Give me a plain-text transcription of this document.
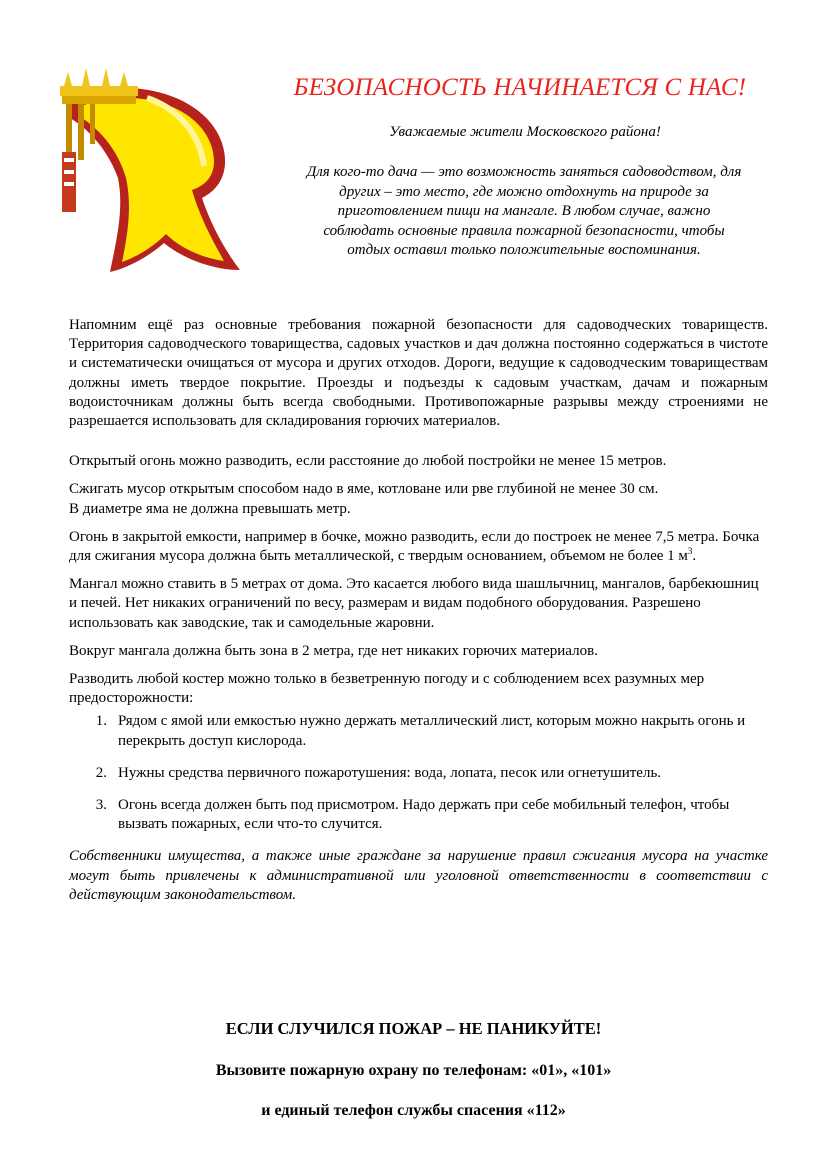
БЕЗОПАСНОСТЬ НАЧИНАЕТСЯ С НАС!
Уважаемые жители Московского района!
Для кого-то дача — это возможность заняться садоводством, для
других – это место, где можно отдохнуть на природе за
приготовлением пищи на мангале. В любом случае, важно
соблюдать основные правила пожарной безопасности, чтобы
отдых оставил только положительные воспоминания.

Напомним ещё раз основные требования пожарной безопасности для садоводческих товариществ. Территория садоводческого товарищества, садовых участков и дач должна постоянно содержаться в чистоте и систематически очищаться от мусора и других отходов. Дороги, ведущие к садоводческим товариществам должны иметь твердое покрытие. Проезды и подъезды к садовым участкам, дачам и пожарным водоисточникам должны быть всегда свободными. Противопожарные разрывы между строениями не разрешается использовать для складирования горючих материалов.

Открытый огонь можно разводить, если расстояние до любой постройки не менее 15 метров.

Сжигать мусор открытым способом надо в яме, котловане или рве глубиной не менее 30 см.
В диаметре яма не должна превышать метр.

Огонь в закрытой емкости, например в бочке, можно разводить, если до построек не менее 7,5 метра. Бочка для сжигания мусора должна быть металлической, с твердым основанием, объемом не более 1 $м^3$.

Мангал можно ставить в 5 метрах от дома. Это касается любого вида шашлычниц, мангалов, барбекюшниц и печей. Нет никаких ограничений по весу, размерам и видам подобного оборудования. Разрешено использовать как заводские, так и самодельные жаровни.

Вокруг мангала должна быть зона в 2 метра, где нет никаких горючих материалов.

Разводить любой костер можно только в безветренную погоду и с соблюдением всех разумных мер предосторожности:

1. Рядом с ямой или емкостью нужно держать металлический лист, которым можно накрыть огонь и перекрыть доступ кислорода.
2. Нужны средства первичного пожаротушения: вода, лопата, песок или огнетушитель.
3. Огонь всегда должен быть под присмотром. Надо держать при себе мобильный телефон, чтобы вызвать пожарных, если что-то случится.

Собственники имущества, а также иные граждане за нарушение правил сжигания мусора на участке могут быть привлечены к административной или уголовной ответственности в соответствии с действующим законодательством.

ЕСЛИ СЛУЧИЛСЯ ПОЖАР – НЕ ПАНИКУЙТЕ!
Вызовите пожарную охрану по телефонам: «01», «101»
и единый телефон службы спасения «112»
